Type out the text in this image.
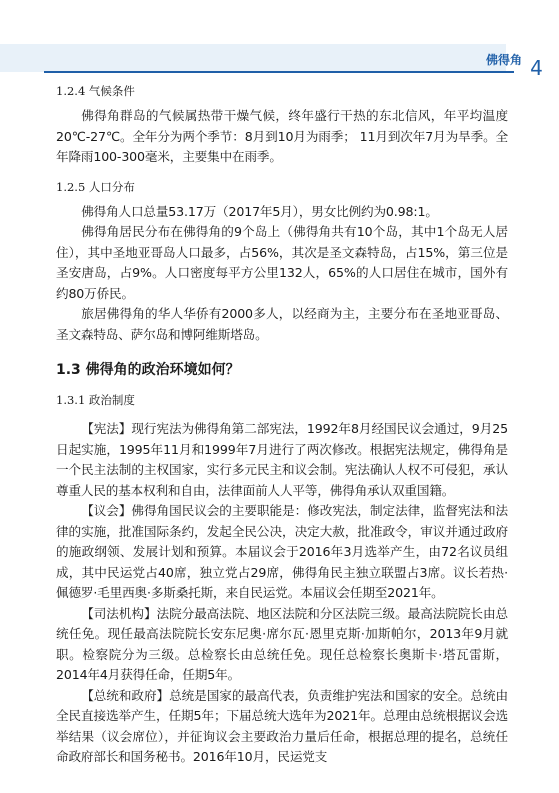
佛得角 4
1.2.4 气候条件

佛得角群岛的气候属热带干燥气候，终年盛行干热的东北信风，年平均温度20℃-27℃。全年分为两个季节：8月到10月为雨季； 11月到次年7月为旱季。全年降雨100-300毫米，主要集中在雨季。

1.2.5 人口分布

佛得角人口总量53.17万（2017年5月），男女比例约为0.98:1。

佛得角居民分布在佛得角的9个岛上（佛得角共有10个岛，其中1个岛无人居住），其中圣地亚哥岛人口最多，占56%，其次是圣文森特岛，占15%，第三位是圣安唐岛，占9%。人口密度每平方公里132人，65%的人口居住在城市，国外有约80万侨民。

旅居佛得角的华人华侨有2000多人，以经商为主，主要分布在圣地亚哥岛、圣文森特岛、萨尔岛和博阿维斯塔岛。

1.3 佛得角的政治环境如何？
1.3.1 政治制度

【宪法】现行宪法为佛得角第二部宪法，1992年8月经国民议会通过，9月25日起实施，1995年11月和1999年7月进行了两次修改。根据宪法规定，佛得角是一个民主法制的主权国家，实行多元民主和议会制。宪法确认人权不可侵犯，承认尊重人民的基本权利和自由，法律面前人人平等，佛得角承认双重国籍。

【议会】佛得角国民议会的主要职能是：修改宪法，制定法律，监督宪法和法律的实施，批准国际条约，发起全民公决，决定大赦，批准政令，审议并通过政府的施政纲领、发展计划和预算。本届议会于2016年3月选举产生，由72名议员组成，其中民运党占40席，独立党占29席，佛得角民主独立联盟占3席。议长若热·佩德罗·毛里西奥·多斯桑托斯，来自民运党。本届议会任期至2021年。

【司法机构】法院分最高法院、地区法院和分区法院三级。最高法院院长由总统任免。现任最高法院院长安东尼奥·席尔瓦·恩里克斯·加斯帕尔，2013年9月就职。检察院分为三级。总检察长由总统任免。现任总检察长奥斯卡·塔瓦雷斯，2014年4月获得任命，任期5年。

【总统和政府】总统是国家的最高代表，负责维护宪法和国家的安全。总统由全民直接选举产生，任期5年；下届总统大选年为2021年。总理由总统根据议会选举结果（议会席位），并征询议会主要政治力量后任命，根据总理的提名，总统任命政府部长和国务秘书。2016年10月，民运党支
